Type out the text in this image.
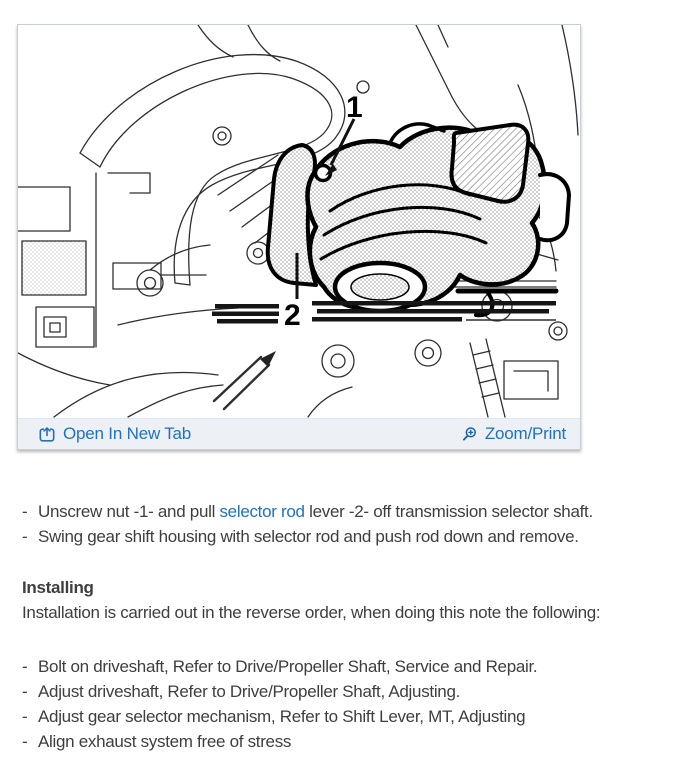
1
2
Open In New Tab	Zoom/Print
- Unscrew nut -1- and pull selector rod lever -2- off transmission selector shaft.
- Swing gear shift housing with selector rod and push rod down and remove.
Installing
Installation is carried out in the reverse order, when doing this note the following:
- Bolt on driveshaft, Refer to Drive/Propeller Shaft, Service and Repair.
- Adjust driveshaft, Refer to Drive/Propeller Shaft, Adjusting.
- Adjust gear selector mechanism, Refer to Shift Lever, MT, Adjusting
- Align exhaust system free of stress
